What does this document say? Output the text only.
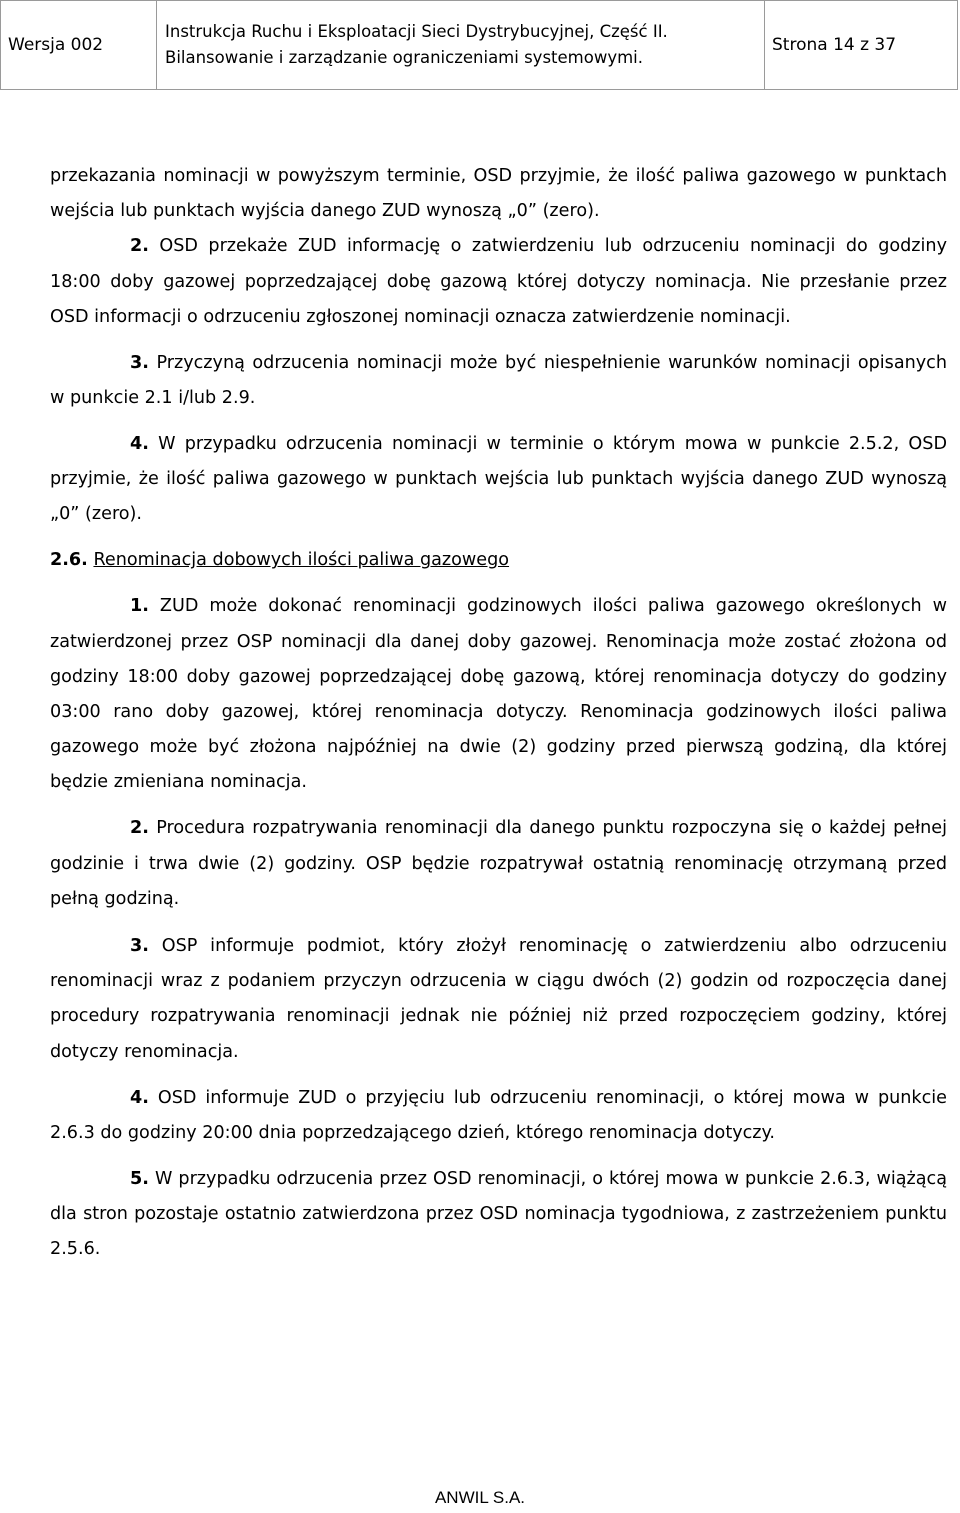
Wersja 002
Instrukcja Ruchu i Eksploatacji Sieci Dystrybucyjnej, Część II.
Bilansowanie i zarządzanie ograniczeniami systemowymi.
Strona 14 z 37

przekazania nominacji w powyższym terminie, OSD przyjmie, że ilość paliwa gazowego w punktach wejścia lub punktach wyjścia danego ZUD wynoszą „0” (zero).

2. OSD przekaże ZUD informację o zatwierdzeniu lub odrzuceniu nominacji do godziny 18:00 doby gazowej poprzedzającej dobę gazową której dotyczy nominacja. Nie przesłanie przez OSD informacji o odrzuceniu zgłoszonej nominacji oznacza zatwierdzenie nominacji.

3. Przyczyną odrzucenia nominacji może być niespełnienie warunków nominacji opisanych w punkcie 2.1 i/lub 2.9.

4. W przypadku odrzucenia nominacji w terminie o którym mowa w punkcie 2.5.2, OSD przyjmie, że ilość paliwa gazowego w punktach wejścia lub punktach wyjścia danego ZUD wynoszą „0” (zero).

2.6. Renominacja dobowych ilości paliwa gazowego

1. ZUD może dokonać renominacji godzinowych ilości paliwa gazowego określonych w zatwierdzonej przez OSP nominacji dla danej doby gazowej. Renominacja może zostać złożona od godziny 18:00 doby gazowej poprzedzającej dobę gazową, której renominacja dotyczy do godziny 03:00 rano doby gazowej, której renominacja dotyczy. Renominacja godzinowych ilości paliwa gazowego może być złożona najpóźniej na dwie (2) godziny przed pierwszą godziną, dla której będzie zmieniana nominacja.

2. Procedura rozpatrywania renominacji dla danego punktu rozpoczyna się o każdej pełnej godzinie i trwa dwie (2) godziny. OSP będzie rozpatrywał ostatnią renominację otrzymaną przed pełną godziną.

3. OSP informuje podmiot, który złożył renominację o zatwierdzeniu albo odrzuceniu renominacji wraz z podaniem przyczyn odrzucenia w ciągu dwóch (2) godzin od rozpoczęcia danej procedury rozpatrywania renominacji jednak nie później niż przed rozpoczęciem godziny, której dotyczy renominacja.

4. OSD informuje ZUD o przyjęciu lub odrzuceniu renominacji, o której mowa w punkcie 2.6.3 do godziny 20:00 dnia poprzedzającego dzień, którego renominacja dotyczy.

5. W przypadku odrzucenia przez OSD renominacji, o której mowa w punkcie 2.6.3, wiążącą dla stron pozostaje ostatnio zatwierdzona przez OSD nominacja tygodniowa, z zastrzeżeniem punktu 2.5.6.

ANWIL S.A.
